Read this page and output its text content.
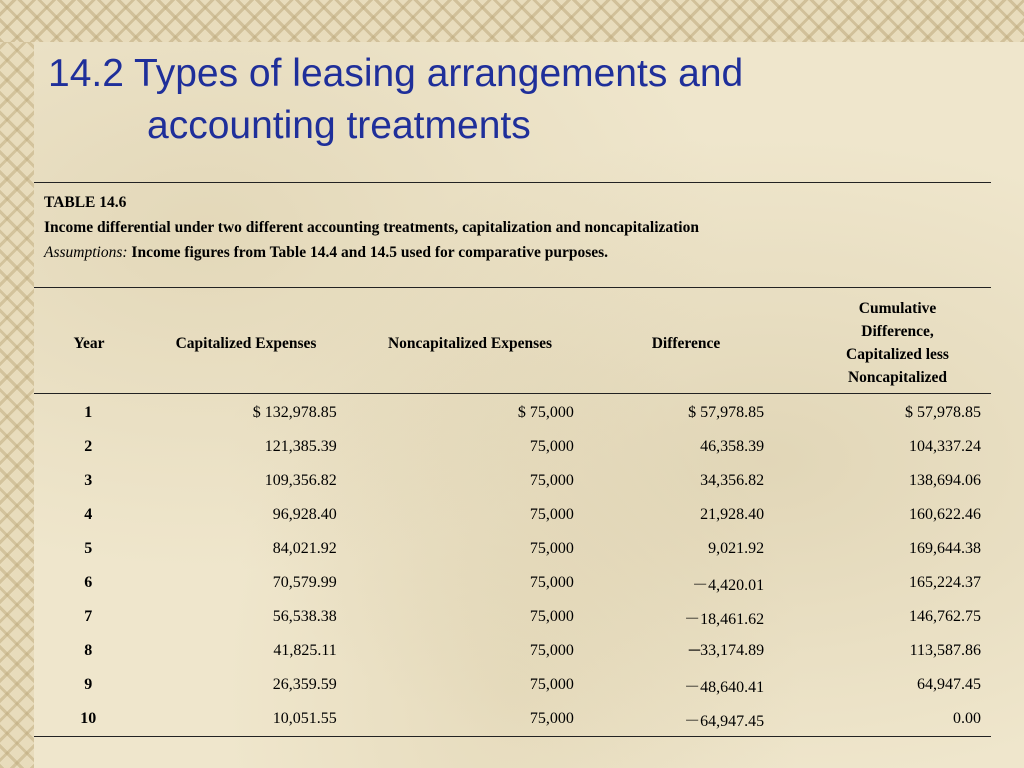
14.2 Types of leasing arrangements and
accounting treatments
TABLE 14.6
Income differential under two different accounting treatments, capitalization and noncapitalization
Assumptions: Income figures from Table 14.4 and 14.5 used for comparative purposes.
Year	Capitalized Expenses	Noncapitalized Expenses	Difference
Cumulative
Difference,
Capitalized less
Noncapitalized
1	$ 132,978.85	$ 75,000	$ 57,978.85	$ 57,978.85
2	121,385.39	75,000	46,358.39	104,337.24
3	109,356.82	75,000	34,356.82	138,694.06
4	96,928.40	75,000	21,928.40	160,622.46
5	84,021.92	75,000	9,021.92	169,644.38
6	70,579.99	75,000	－4,420.01	165,224.37
7	56,538.38	75,000	－18,461.62	146,762.75
8	41,825.11	75,000	─33,174.89	113,587.86
9	26,359.59	75,000	－48,640.41	64,947.45
10	10,051.55	75,000	－64,947.45	0.00
